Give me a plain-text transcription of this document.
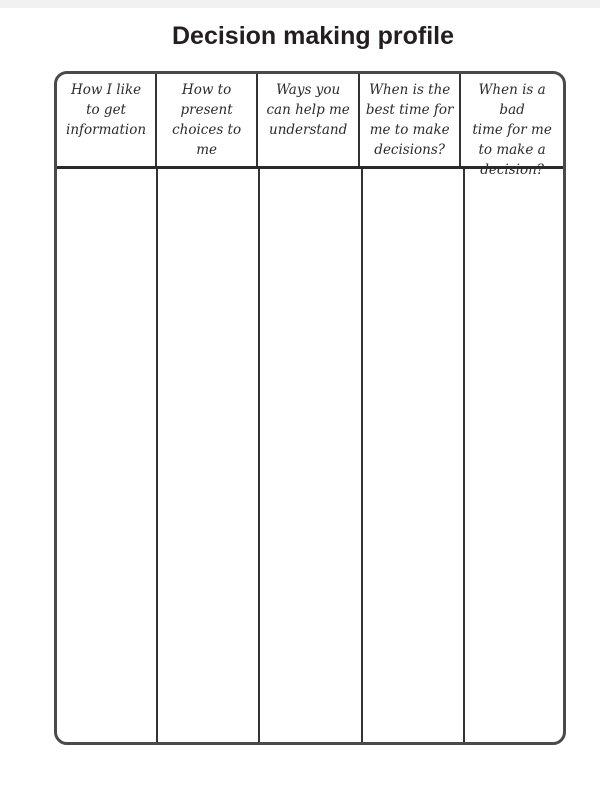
Decision making profile
How I like
to get
information
How to present
choices to me
Ways you
can help me
understand
When is the
best time for
me to make
decisions?
When is a bad
time for me
to make a
decision?
